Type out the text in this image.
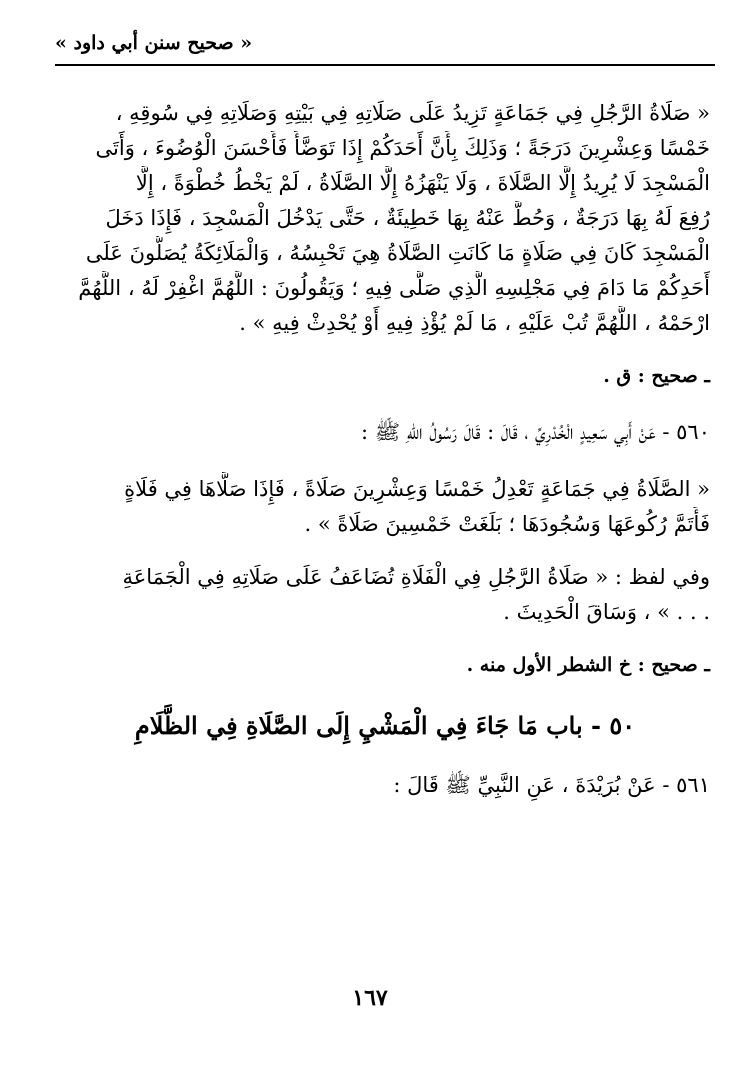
« صحيح سنن أبي داود »
« صَلَاةُ الرَّجُلِ فِي جَمَاعَةٍ تَزِيدُ عَلَى صَلَاتِهِ فِي بَيْتِهِ وَصَلَاتِهِ فِي سُوقِهِ ،
خَمْسًا وَعِشْرِينَ دَرَجَةً ؛ وَذَلِكَ بِأَنَّ أَحَدَكُمْ إِذَا تَوَضَّأَ فَأَحْسَنَ الْوُضُوءَ ، وَأَتَى
الْمَسْجِدَ لَا يُرِيدُ إِلَّا الصَّلَاةَ ، وَلَا يَنْهَزُهُ إِلَّا الصَّلَاةُ ، لَمْ يَخْطُ خُطْوَةً ، إِلَّا
رُفِعَ لَهُ بِهَا دَرَجَةٌ ، وَحُطَّ عَنْهُ بِهَا خَطِيئَةٌ ، حَتَّى يَدْخُلَ الْمَسْجِدَ ، فَإِذَا دَخَلَ
الْمَسْجِدَ كَانَ فِي صَلَاةٍ مَا كَانَتِ الصَّلَاةُ هِيَ تَحْبِسُهُ ، وَالْمَلَائِكَةُ يُصَلُّونَ عَلَى
أَحَدِكُمْ مَا دَامَ فِي مَجْلِسِهِ الَّذِي صَلَّى فِيهِ ؛ وَيَقُولُونَ : اللَّهُمَّ اغْفِرْ لَهُ ، اللَّهُمَّ
ارْحَمْهُ ، اللَّهُمَّ تُبْ عَلَيْهِ ، مَا لَمْ يُؤْذِ فِيهِ أَوْ يُحْدِثْ فِيهِ » .
ـ صحيح : ق .
٥٦٠ - عَنْ أَبِي سَعِيدٍ الْخُدْرِيِّ ، قَالَ : قَالَ رَسُولُ اللهِ ﷺ :
« الصَّلَاةُ فِي جَمَاعَةٍ تَعْدِلُ خَمْسًا وَعِشْرِينَ صَلَاةً ، فَإِذَا صَلَّاهَا فِي فَلَاةٍ
فَأَتَمَّ رُكُوعَهَا وَسُجُودَهَا ؛ بَلَغَتْ خَمْسِينَ صَلَاةً » .
وفي لفظ : « صَلَاةُ الرَّجُلِ فِي الْفَلَاةِ تُضَاعَفُ عَلَى صَلَاتِهِ فِي الْجَمَاعَةِ
. . . » ، وَسَاقَ الْحَدِيثَ .
ـ صحيح : خ الشطر الأول منه .
٥٠ - باب مَا جَاءَ فِي الْمَشْيِ إِلَى الصَّلَاةِ فِي الظَّلَامِ
٥٦١ - عَنْ بُرَيْدَةَ ، عَنِ النَّبِيِّ ﷺ قَالَ :
١٦٧
